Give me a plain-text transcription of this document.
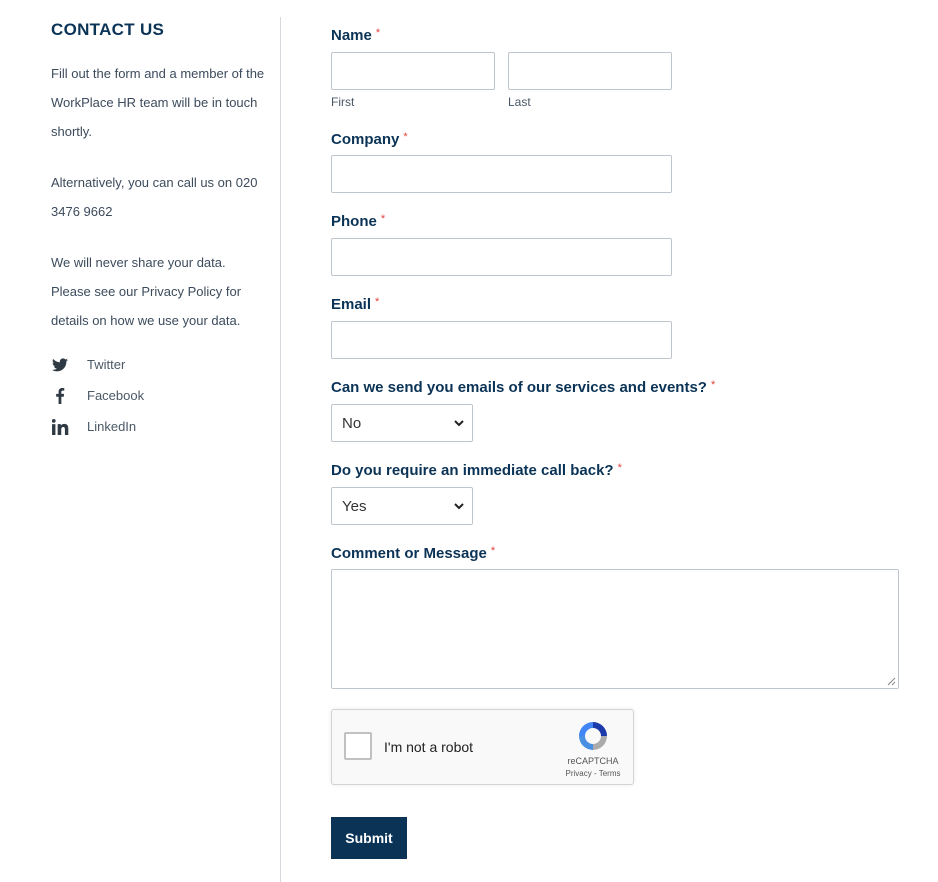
CONTACT US

Fill out the form and a member of the WorkPlace HR team will be in touch shortly.

Alternatively, you can call us on 020 3476 9662

We will never share your data. Please see our Privacy Policy for details on how we use your data.

Twitter
Facebook
LinkedIn
Name *
First	Last
Company *
Phone *
Email *
Can we send you emails of our services and events? *
No
Do you require an immediate call back? *
Yes
Comment or Message *
I'm not a robot
reCAPTCHA
Privacy - Terms
Submit
